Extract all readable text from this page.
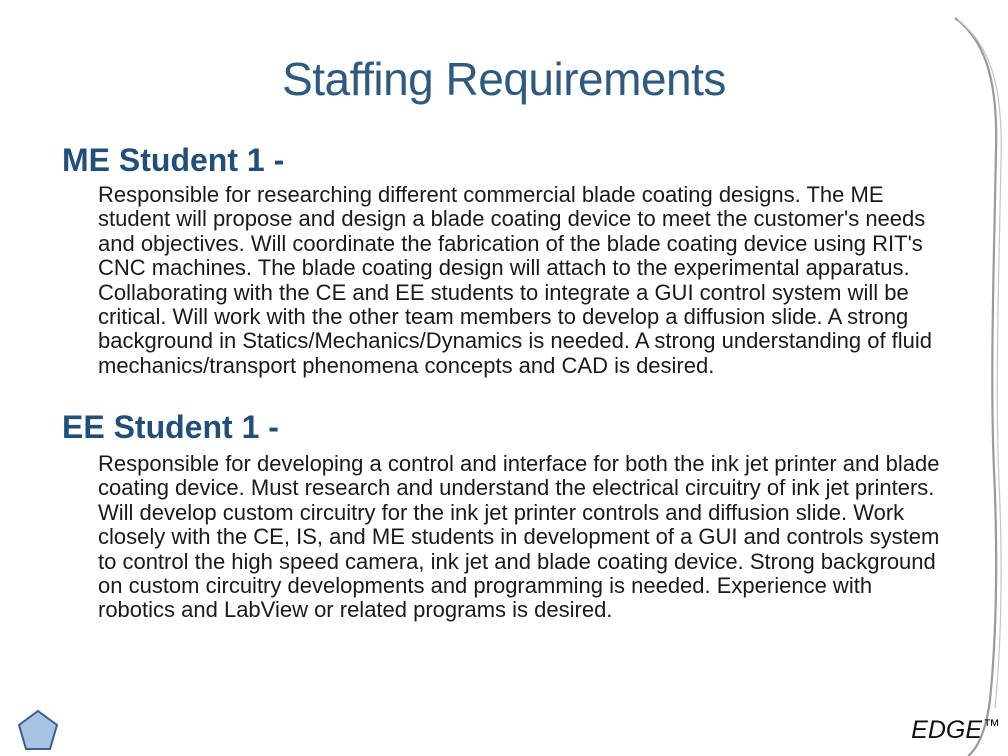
Staffing Requirements
ME Student 1 -
Responsible for researching different commercial blade coating designs. The ME student will propose and design a blade coating device to meet the customer's needs and objectives. Will coordinate the fabrication of the blade coating device using RIT's CNC machines. The blade coating design will attach to the experimental apparatus. Collaborating with the CE and EE students to integrate a GUI control system will be critical. Will work with the other team members to develop a diffusion slide. A strong background in Statics/Mechanics/Dynamics is needed. A strong understanding of fluid mechanics/transport phenomena concepts and CAD is desired.
EE Student 1 -
Responsible for developing a control and interface for both the ink jet printer and blade coating device. Must research and understand the electrical circuitry of ink jet printers. Will develop custom circuitry for the ink jet printer controls and diffusion slide. Work closely with the CE, IS, and ME students in development of a GUI and controls system to control the high speed camera, ink jet and blade coating device. Strong background on custom circuitry developments and programming is needed. Experience with robotics and LabView or related programs is desired.
EDGE™
